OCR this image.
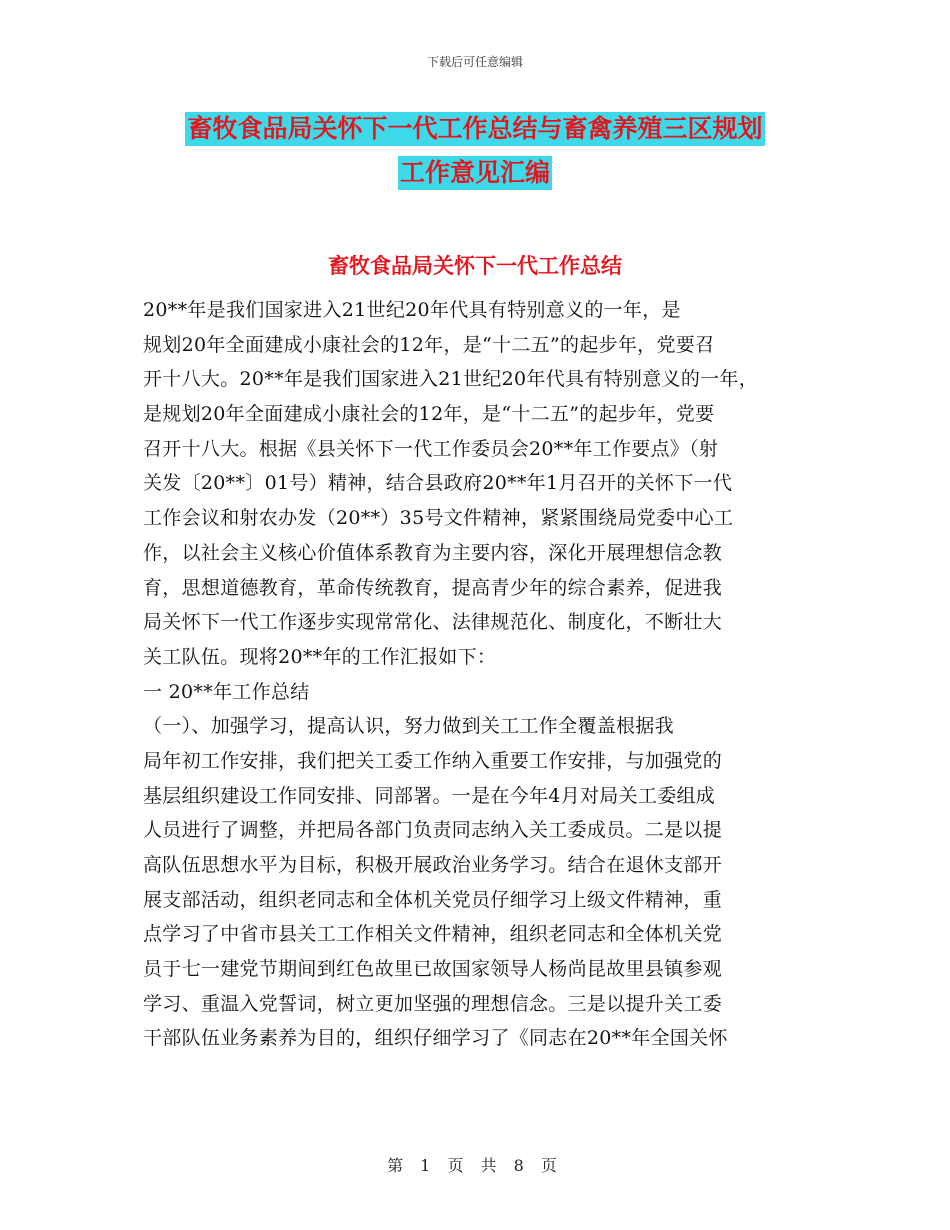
下载后可任意编辑
畜牧食品局关怀下一代工作总结与畜禽养殖三区规划
工作意见汇编
畜牧食品局关怀下一代工作总结
20**年是我们国家进入21世纪20年代具有特别意义的一年，是
规划20年全面建成小康社会的12年，是“十二五”的起步年，党要召
开十八大。20**年是我们国家进入21世纪20年代具有特别意义的一年，
是规划20年全面建成小康社会的12年，是“十二五”的起步年，党要
召开十八大。根据《县关怀下一代工作委员会20**年工作要点》（射
关发〔20**〕01号）精神，结合县政府20**年1月召开的关怀下一代
工作会议和射农办发（20**）35号文件精神，紧紧围绕局党委中心工
作，以社会主义核心价值体系教育为主要内容，深化开展理想信念教
育，思想道德教育，革命传统教育，提高青少年的综合素养，促进我
局关怀下一代工作逐步实现常常化、法律规范化、制度化，不断壮大
关工队伍。现将20**年的工作汇报如下：
一 20**年工作总结
（一）、加强学习，提高认识，努力做到关工工作全覆盖根据我
局年初工作安排，我们把关工委工作纳入重要工作安排，与加强党的
基层组织建设工作同安排、同部署。一是在今年4月对局关工委组成
人员进行了调整，并把局各部门负责同志纳入关工委成员。二是以提
高队伍思想水平为目标，积极开展政治业务学习。结合在退休支部开
展支部活动，组织老同志和全体机关党员仔细学习上级文件精神，重
点学习了中省市县关工工作相关文件精神，组织老同志和全体机关党
员于七一建党节期间到红色故里已故国家领导人杨尚昆故里县镇参观
学习、重温入党誓词，树立更加坚强的理想信念。三是以提升关工委
干部队伍业务素养为目的，组织仔细学习了《同志在20**年全国关怀
第 1 页 共 8 页
